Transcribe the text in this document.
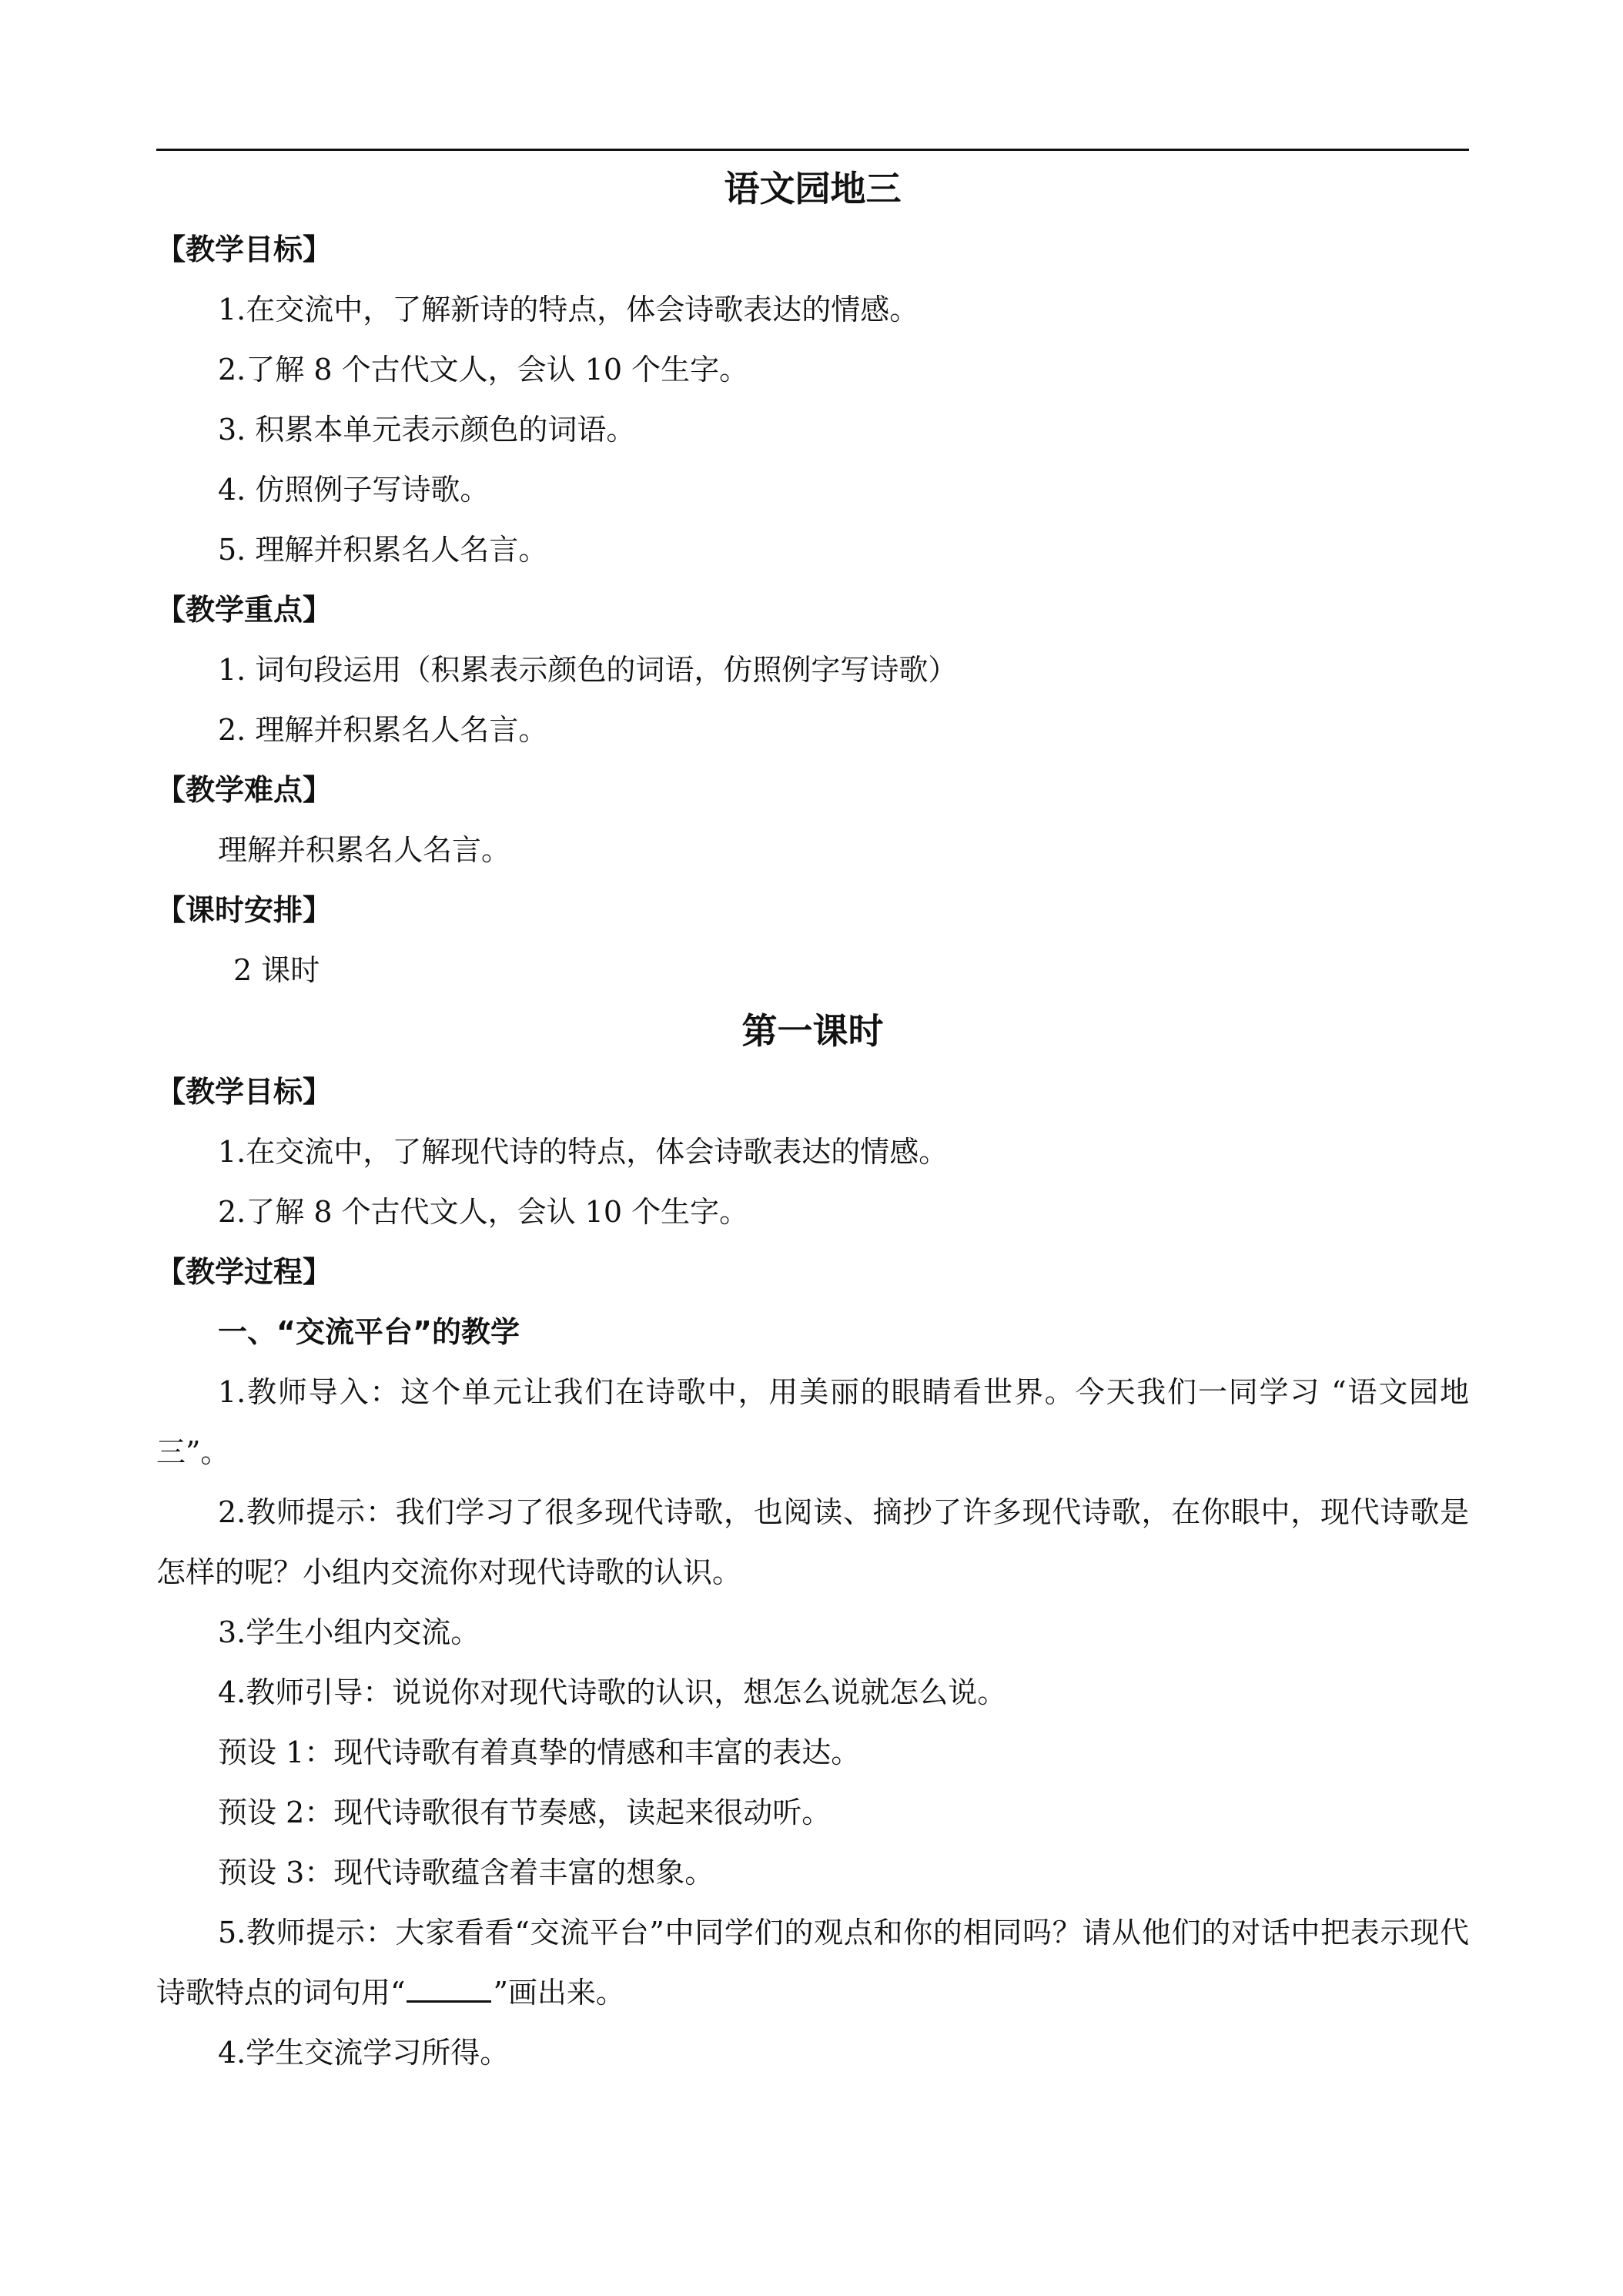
语文园地三
【教学目标】
1.在交流中，了解新诗的特点，体会诗歌表达的情感。
2.了解 8 个古代文人，会认 10 个生字。
3. 积累本单元表示颜色的词语。
4. 仿照例子写诗歌。
5. 理解并积累名人名言。
【教学重点】
1. 词句段运用（积累表示颜色的词语，仿照例字写诗歌）
2. 理解并积累名人名言。
【教学难点】
理解并积累名人名言。
【课时安排】
2 课时
第一课时
【教学目标】
1.在交流中，了解现代诗的特点，体会诗歌表达的情感。
2.了解 8 个古代文人，会认 10 个生字。
【教学过程】
一、“交流平台”的教学

1.教师导入：这个单元让我们在诗歌中，用美丽的眼睛看世界。今天我们一同学习 “语文园地三”。

2.教师提示：我们学习了很多现代诗歌，也阅读、摘抄了许多现代诗歌，在你眼中，现代诗歌是怎样的呢？小组内交流你对现代诗歌的认识。

3.学生小组内交流。

4.教师引导：说说你对现代诗歌的认识，想怎么说就怎么说。

预设 1：现代诗歌有着真挚的情感和丰富的表达。

预设 2：现代诗歌很有节奏感，读起来很动听。

预设 3：现代诗歌蕴含着丰富的想象。

5.教师提示：大家看看“交流平台”中同学们的观点和你的相同吗？请从他们的对话中把表示现代诗歌特点的词句用“	”画出来。

4.学生交流学习所得。
